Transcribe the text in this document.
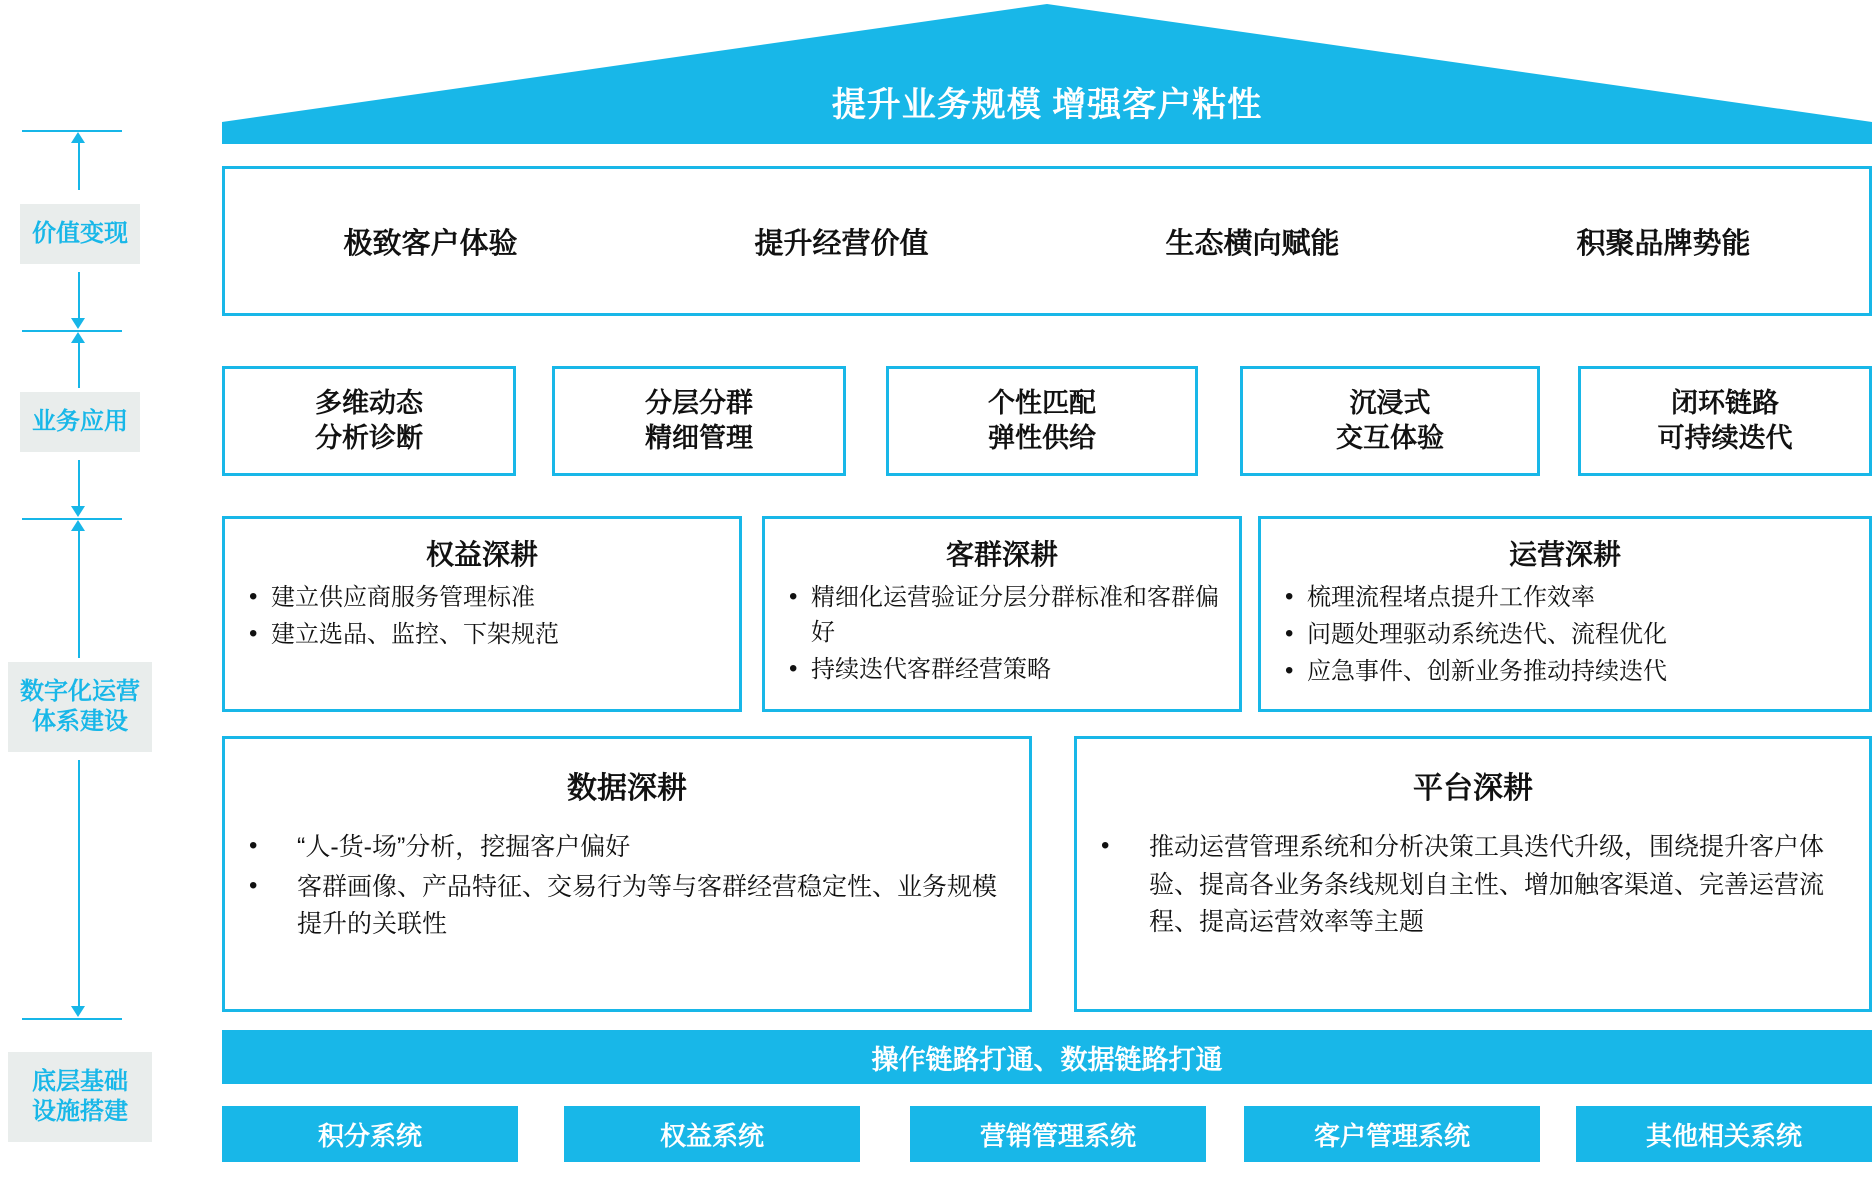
提升业务规模 增强客户粘性
价值变现
业务应用
数字化运营
体系建设
底层基础
设施搭建
极致客户体验	提升经营价值	生态横向赋能	积聚品牌势能
多维动态
分析诊断
分层分群
精细管理
个性匹配
弹性供给
沉浸式
交互体验
闭环链路
可持续迭代
权益深耕
• 建立供应商服务管理标准
• 建立选品、监控、下架规范
客群深耕
• 精细化运营验证分层分群标准和客群偏好
• 持续迭代客群经营策略
运营深耕
• 梳理流程堵点提升工作效率
• 问题处理驱动系统迭代、流程优化
• 应急事件、创新业务推动持续迭代
数据深耕
• “人-货-场”分析，挖掘客户偏好
• 客群画像、产品特征、交易行为等与客群经营稳定性、业务规模提升的关联性
平台深耕
• 推动运营管理系统和分析决策工具迭代升级，围绕提升客户体验、提高各业务条线规划自主性、增加触客渠道、完善运营流程、提高运营效率等主题
操作链路打通、数据链路打通
积分系统	权益系统	营销管理系统	客户管理系统	其他相关系统
